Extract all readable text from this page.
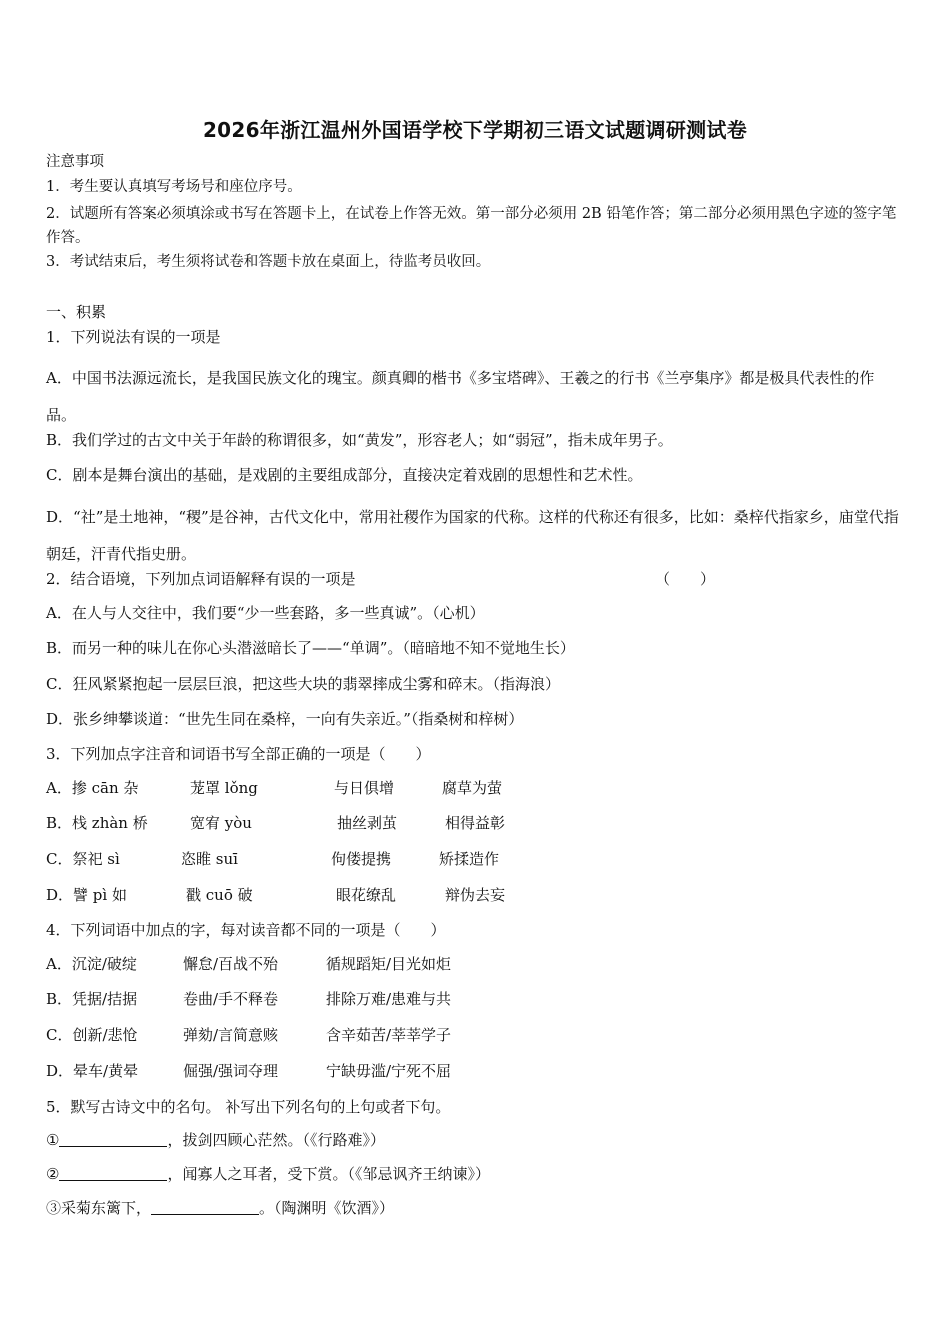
2026年浙江温州外国语学校下学期初三语文试题调研测试卷
注意事项
1．考生要认真填写考场号和座位序号。
2．试题所有答案必须填涂或书写在答题卡上，在试卷上作答无效。第一部分必须用 2B 铅笔作答；第二部分必须用黑色字迹的签字笔作答。
3．考试结束后，考生须将试卷和答题卡放在桌面上，待监考员收回。
一、积累
1．下列说法有误的一项是
A．中国书法源远流长，是我国民族文化的瑰宝。颜真卿的楷书《多宝塔碑》、王羲之的行书《兰亭集序》都是极具代表性的作品。
B．我们学过的古文中关于年龄的称谓很多，如“黄发”，形容老人；如“弱冠”，指未成年男子。
C．剧本是舞台演出的基础，是戏剧的主要组成部分，直接决定着戏剧的思想性和艺术性。
D．“社”是土地神，“稷”是谷神，古代文化中，常用社稷作为国家的代称。这样的代称还有很多，比如：桑梓代指家乡，庙堂代指朝廷，汗青代指史册。
2．结合语境，下列加点词语解释有误的一项是	（　　）
A．在人与人交往中，我们要“少一些套路，多一些真诚”。（心机）
B．而另一种的味儿在你心头潜滋暗长了——“单调”。（暗暗地不知不觉地生长）
C．狂风紧紧抱起一层层巨浪，把这些大块的翡翠摔成尘雾和碎末。（指海浪）
D．张乡绅攀谈道：“世先生同在桑梓，一向有失亲近。”（指桑树和梓树）
3．下列加点字注音和词语书写全部正确的一项是（　　）
A．掺 cān 杂	茏罩 lǒng	与日俱增	腐草为萤
B．栈 zhàn 桥	宽宥 yòu	抽丝剥茧	相得益彰
C．祭祀 sì	恣睢 suī	佝偻提携	矫揉造作
D．譬 pì 如	戳 cuō 破	眼花缭乱	辩伪去妄
4．下列词语中加点的字，每对读音都不同的一项是（　　）
A．沉淀/破绽	懈怠/百战不殆	循规蹈矩/目光如炬
B．凭据/拮据	卷曲/手不释卷	排除万难/患难与共
C．创新/悲怆	弹劾/言简意赅	含辛茹苦/莘莘学子
D．晕车/黄晕	倔强/强词夺理	宁缺毋滥/宁死不屈
5．默写古诗文中的名句。 补写出下列名句的上句或者下句。
①	，拔剑四顾心茫然。（《行路难》）
②	，闻寡人之耳者，受下赏。（《邹忌讽齐王纳谏》）
③采菊东篱下，	。（陶渊明《饮酒》）
